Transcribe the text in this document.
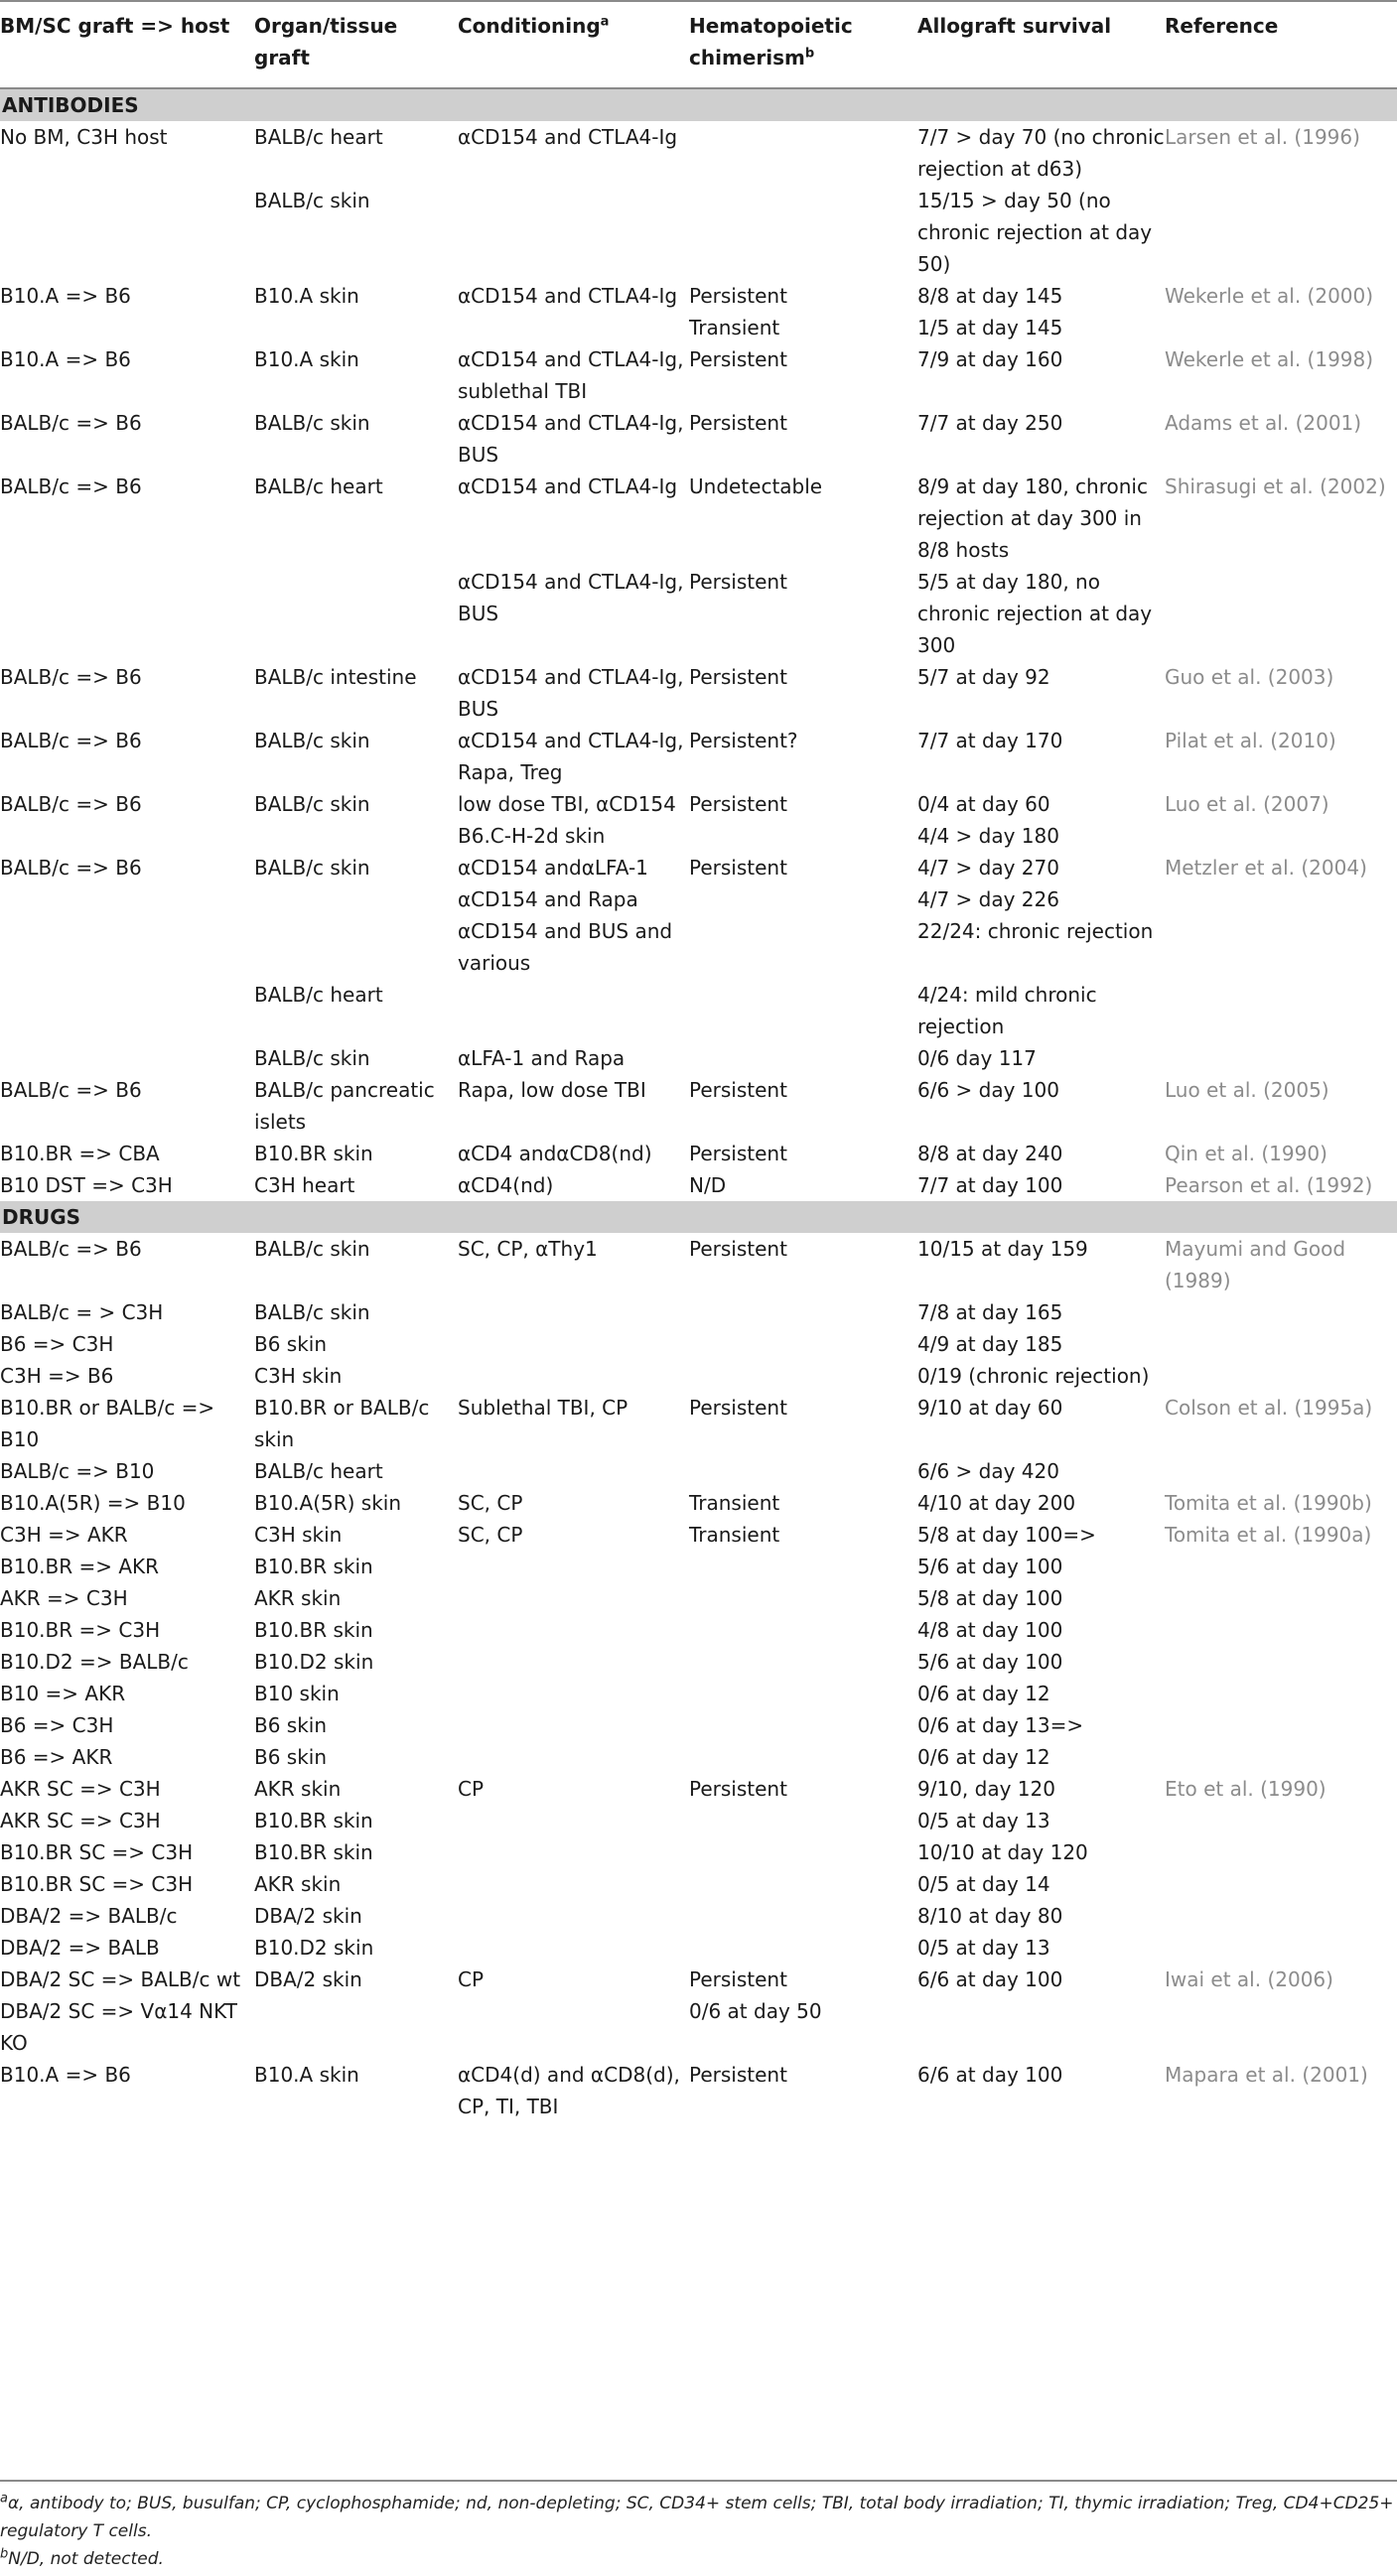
BM/SC graft => host	Organ/tissue graft	Conditioning$^a$	Hematopoietic chimerism$^b$	Allograft survival	Reference
ANTIBODIES					
No BM, C3H host	BALB/c heart	αCD154 and CTLA4-Ig		7/7 > day 70 (no chronic rejection at d63)	Larsen et al. (1996)
	BALB/c skin			15/15 > day 50 (no chronic rejection at day 50)	
B10.A => B6	B10.A skin	αCD154 and CTLA4-Ig	Persistent	8/8 at day 145	Wekerle et al. (2000)
			Transient	1/5 at day 145	
B10.A => B6	B10.A skin	αCD154 and CTLA4-Ig, sublethal TBI	Persistent	7/9 at day 160	Wekerle et al. (1998)
BALB/c => B6	BALB/c skin	αCD154 and CTLA4-Ig, BUS	Persistent	7/7 at day 250	Adams et al. (2001)
BALB/c => B6	BALB/c heart	αCD154 and CTLA4-Ig	Undetectable	8/9 at day 180, chronic rejection at day 300 in 8/8 hosts	Shirasugi et al. (2002)
		αCD154 and CTLA4-Ig, BUS	Persistent	5/5 at day 180, no chronic rejection at day 300	
BALB/c => B6	BALB/c intestine	αCD154 and CTLA4-Ig, BUS	Persistent	5/7 at day 92	Guo et al. (2003)
BALB/c => B6	BALB/c skin	αCD154 and CTLA4-Ig, Rapa, Treg	Persistent?	7/7 at day 170	Pilat et al. (2010)
BALB/c => B6	BALB/c skin	low dose TBI, αCD154	Persistent	0/4 at day 60	Luo et al. (2007)
		B6.C-H-2d skin		4/4 > day 180	
BALB/c => B6	BALB/c skin	αCD154 andαLFA-1	Persistent	4/7 > day 270	Metzler et al. (2004)
		αCD154 and Rapa		4/7 > day 226	
		αCD154 and BUS and various		22/24: chronic rejection	
	BALB/c heart			4/24: mild chronic rejection	
	BALB/c skin	αLFA-1 and Rapa		0/6 day 117	
BALB/c => B6	BALB/c pancreatic islets	Rapa, low dose TBI	Persistent	6/6 > day 100	Luo et al. (2005)
B10.BR => CBA	B10.BR skin	αCD4 andαCD8(nd)	Persistent	8/8 at day 240	Qin et al. (1990)
B10 DST => C3H	C3H heart	αCD4(nd)	N/D	7/7 at day 100	Pearson et al. (1992)
DRUGS					
BALB/c => B6	BALB/c skin	SC, CP, αThy1	Persistent	10/15 at day 159	Mayumi and Good (1989)
BALB/c = > C3H	BALB/c skin			7/8 at day 165	
B6 => C3H	B6 skin			4/9 at day 185	
C3H => B6	C3H skin			0/19 (chronic rejection)	
B10.BR or BALB/c => B10	B10.BR or BALB/c skin	Sublethal TBI, CP	Persistent	9/10 at day 60	Colson et al. (1995a)
BALB/c => B10	BALB/c heart			6/6 > day 420	
B10.A(5R) => B10	B10.A(5R) skin	SC, CP	Transient	4/10 at day 200	Tomita et al. (1990b)
C3H => AKR	C3H skin	SC, CP	Transient	5/8 at day 100=>	Tomita et al. (1990a)
B10.BR => AKR	B10.BR skin			5/6 at day 100	
AKR => C3H	AKR skin			5/8 at day 100	
B10.BR => C3H	B10.BR skin			4/8 at day 100	
B10.D2 => BALB/c	B10.D2 skin			5/6 at day 100	
B10 => AKR	B10 skin			0/6 at day 12	
B6 => C3H	B6 skin			0/6 at day 13=>	
B6 => AKR	B6 skin			0/6 at day 12	
AKR SC => C3H	AKR skin	CP	Persistent	9/10, day 120	Eto et al. (1990)
AKR SC => C3H	B10.BR skin			0/5 at day 13	
B10.BR SC => C3H	B10.BR skin			10/10 at day 120	
B10.BR SC => C3H	AKR skin			0/5 at day 14	
DBA/2 => BALB/c	DBA/2 skin			8/10 at day 80	
DBA/2 => BALB	B10.D2 skin			0/5 at day 13	
DBA/2 SC => BALB/c wt	DBA/2 skin	CP	Persistent	6/6 at day 100	Iwai et al. (2006)
DBA/2 SC => Vα14 NKT KO			0/6 at day 50		
B10.A => B6	B10.A skin	αCD4(d) and αCD8(d), CP, TI, TBI	Persistent	6/6 at day 100	Mapara et al. (2001)

$^a$α, antibody to; BUS, busulfan; CP, cyclophosphamide; nd, non-depleting; SC, CD34+ stem cells; TBI, total body irradiation; TI, thymic irradiation; Treg, CD4+CD25+ regulatory T cells.

$^b$N/D, not detected.
